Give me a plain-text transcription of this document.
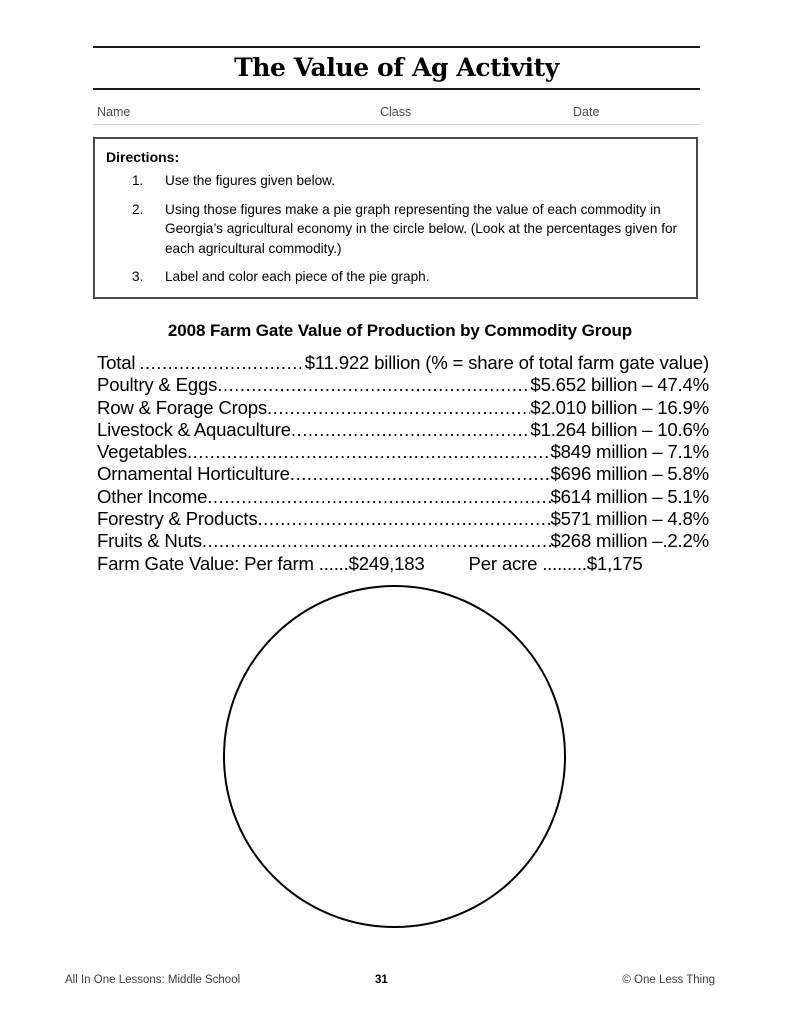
The Value of Ag Activity
Name	Class	Date
Directions:
1.	Use the figures given below.
2.	Using those figures make a pie graph representing the value of each commodity in Georgia’s agricultural economy in the circle below. (Look at the percentages given for each agricultural commodity.)
3.	Label and color each piece of the pie graph.
2008 Farm Gate Value of Production by Commodity Group
Total .....	$11.922 billion (% = share of total farm gate value)
Poultry & Eggs .....	$5.652 billion – 47.4%
Row & Forage Crops .....	$2.010 billion – 16.9%
Livestock & Aquaculture .....	$1.264 billion – 10.6%
Vegetables .....	$849 million – 7.1%
Ornamental Horticulture .....	$696 million – 5.8%
Other Income .....	$614 million – 5.1%
Forestry & Products .....	$571 million – 4.8%
Fruits & Nuts .....	$268 million –.2.2%
Farm Gate Value: Per farm ......$249,183 Per acre .........$1,175
All In One Lessons: Middle School	31	© One Less Thing
